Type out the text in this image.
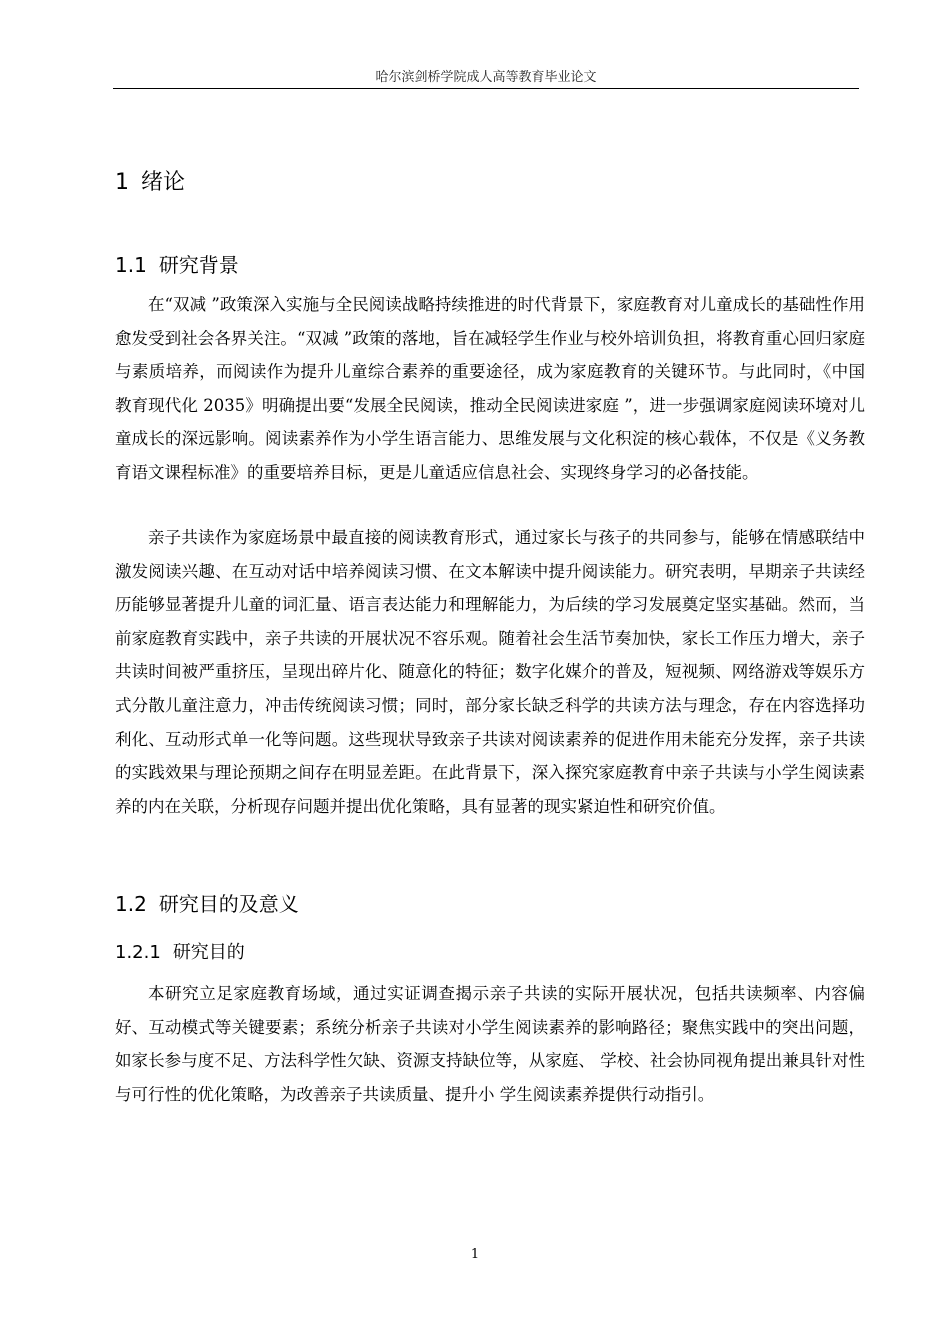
哈尔滨剑桥学院成人高等教育毕业论文
1 绪论
1.1 研究背景

在“双减 ”政策深入实施与全民阅读战略持续推进的时代背景下，家庭教育对儿童成长的基础性作用愈发受到社会各界关注。“双减 ”政策的落地，旨在减轻学生作业与校外培训负担，将教育重心回归家庭与素质培养，而阅读作为提升儿童综合素养的重要途径，成为家庭教育的关键环节。与此同时，《中国教育现代化 2035》明确提出要“发展全民阅读，推动全民阅读进家庭 ”，进一步强调家庭阅读环境对儿童成长的深远影响。阅读素养作为小学生语言能力、思维发展与文化积淀的核心载体，不仅是《义务教育语文课程标准》的重要培养目标，更是儿童适应信息社会、实现终身学习的必备技能。

亲子共读作为家庭场景中最直接的阅读教育形式，通过家长与孩子的共同参与，能够在情感联结中激发阅读兴趣、在互动对话中培养阅读习惯、在文本解读中提升阅读能力。研究表明，早期亲子共读经历能够显著提升儿童的词汇量、语言表达能力和理解能力，为后续的学习发展奠定坚实基础。然而，当前家庭教育实践中，亲子共读的开展状况不容乐观。随着社会生活节奏加快，家长工作压力增大，亲子共读时间被严重挤压，呈现出碎片化、随意化的特征；数字化媒介的普及，短视频、网络游戏等娱乐方式分散儿童注意力，冲击传统阅读习惯；同时，部分家长缺乏科学的共读方法与理念，存在内容选择功利化、互动形式单一化等问题。这些现状导致亲子共读对阅读素养的促进作用未能充分发挥，亲子共读的实践效果与理论预期之间存在明显差距。在此背景下，深入探究家庭教育中亲子共读与小学生阅读素养的内在关联，分析现存问题并提出优化策略，具有显著的现实紧迫性和研究价值。

1.2 研究目的及意义
1.2.1 研究目的

本研究立足家庭教育场域，通过实证调查揭示亲子共读的实际开展状况，包括共读频率、内容偏好、互动模式等关键要素；系统分析亲子共读对小学生阅读素养的影响路径；聚焦实践中的突出问题，如家长参与度不足、方法科学性欠缺、资源支持缺位等，从家庭、 学校、社会协同视角提出兼具针对性与可行性的优化策略，为改善亲子共读质量、提升小 学生阅读素养提供行动指引。

1
